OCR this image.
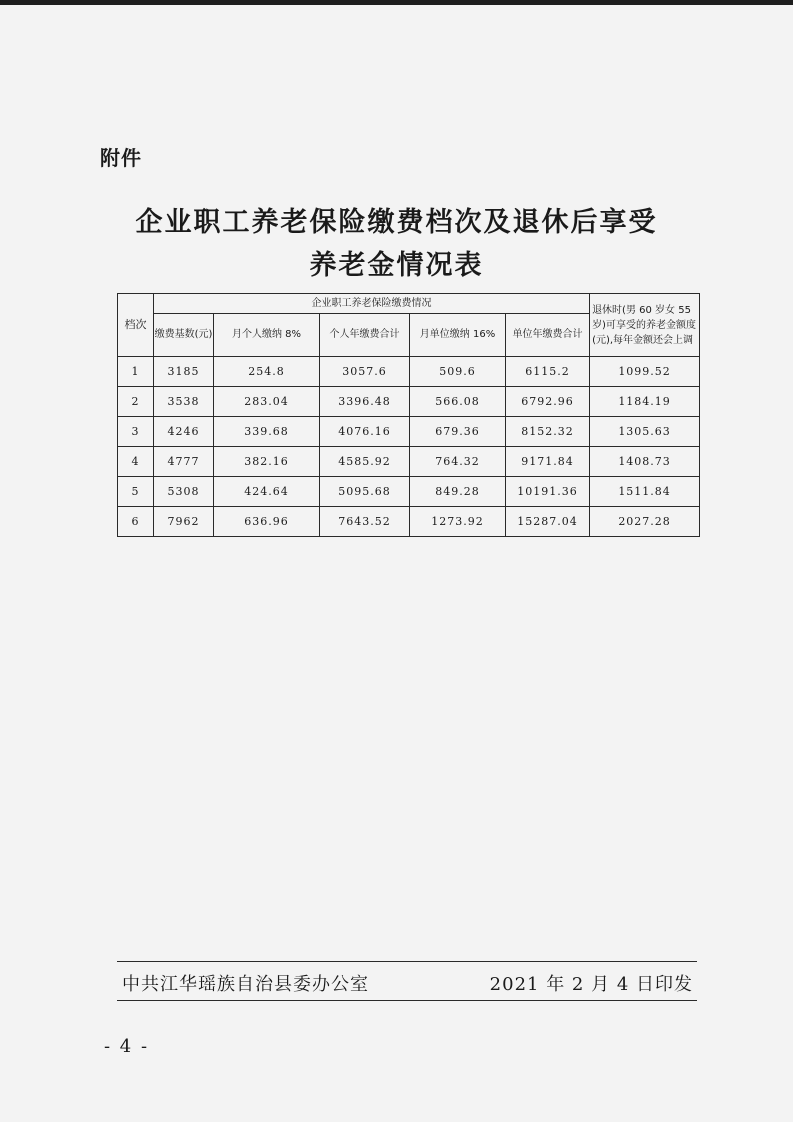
附件
企业职工养老保险缴费档次及退休后享受
养老金情况表
档次	企业职工养老保险缴费情况					退休时(男 60 岁女 55 岁)可享受的养老金额度(元),每年金额还会上调
	缴费基数(元)	月个人缴纳 8%	个人年缴费合计	月单位缴纳 16%	单位年缴费合计	
1	3185	254.8	3057.6	509.6	6115.2	1099.52
2	3538	283.04	3396.48	566.08	6792.96	1184.19
3	4246	339.68	4076.16	679.36	8152.32	1305.63
4	4777	382.16	4585.92	764.32	9171.84	1408.73
5	5308	424.64	5095.68	849.28	10191.36	1511.84
6	7962	636.96	7643.52	1273.92	15287.04	2027.28
中共江华瑶族自治县委办公室	2021 年 2 月 4 日印发
- 4 -
